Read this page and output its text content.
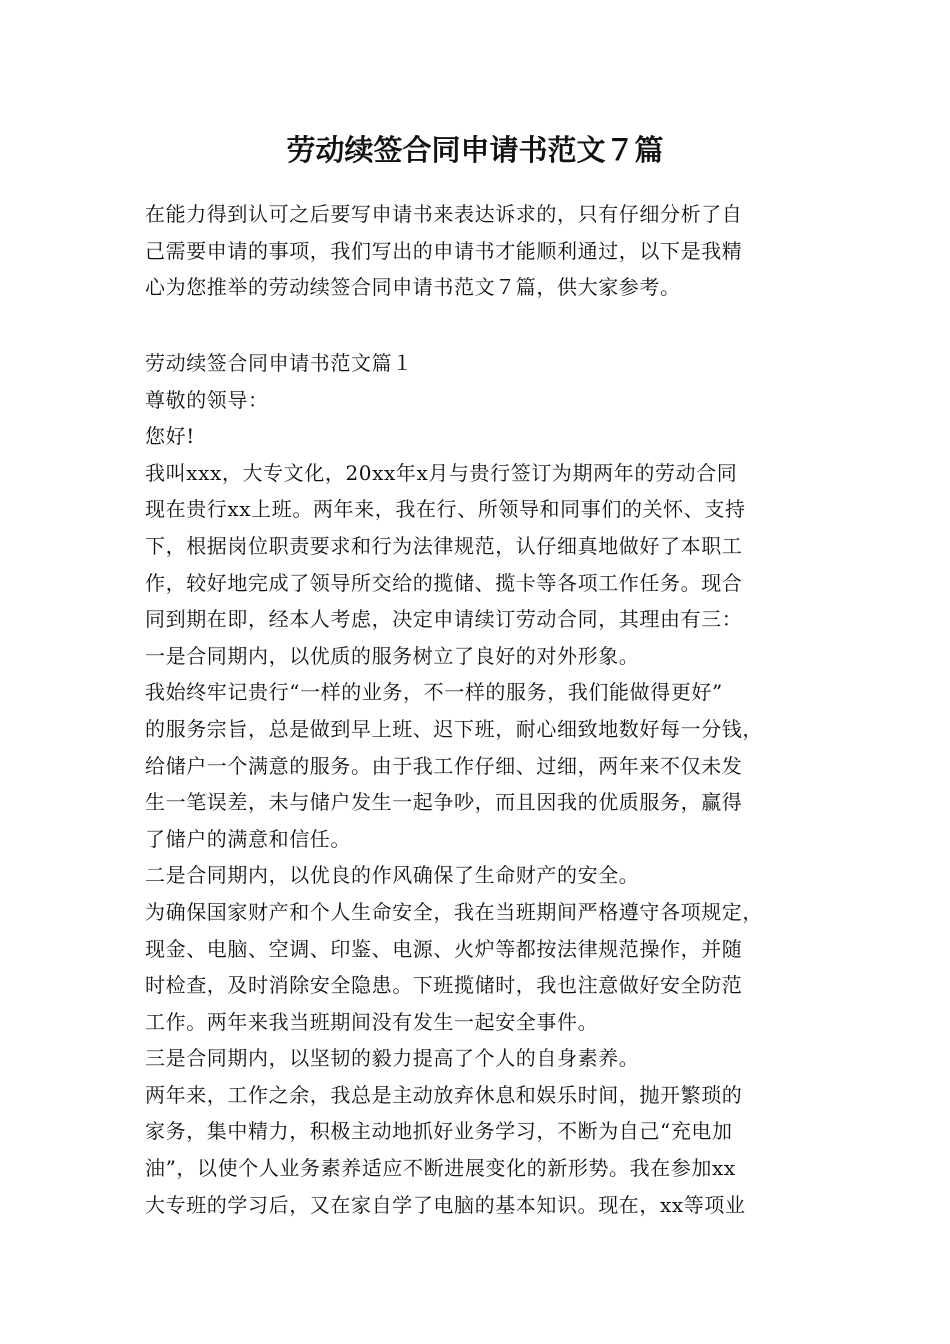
劳动续签合同申请书范文７篇
在能力得到认可之后要写申请书来表达诉求的，只有仔细分析了自
己需要申请的事项，我们写出的申请书才能顺利通过，以下是我精
心为您推举的劳动续签合同申请书范文７篇，供大家参考。
劳动续签合同申请书范文篇１
尊敬的领导：
您好!
我叫xxx，大专文化，20xx年x月与贵行签订为期两年的劳动合同
现在贵行xx上班。两年来，我在行、所领导和同事们的关怀、支持
下，根据岗位职责要求和行为法律规范，认仔细真地做好了本职工
作，较好地完成了领导所交给的揽储、揽卡等各项工作任务。现合
同到期在即，经本人考虑，决定申请续订劳动合同，其理由有三：
一是合同期内，以优质的服务树立了良好的对外形象。
我始终牢记贵行“一样的业务，不一样的服务，我们能做得更好”
的服务宗旨，总是做到早上班、迟下班，耐心细致地数好每一分钱，
给储户一个满意的服务。由于我工作仔细、过细，两年来不仅未发
生一笔误差，未与储户发生一起争吵，而且因我的优质服务，赢得
了储户的满意和信任。
二是合同期内，以优良的作风确保了生命财产的安全。
为确保国家财产和个人生命安全，我在当班期间严格遵守各项规定，
现金、电脑、空调、印鉴、电源、火炉等都按法律规范操作，并随
时检查，及时消除安全隐患。下班揽储时，我也注意做好安全防范
工作。两年来我当班期间没有发生一起安全事件。
三是合同期内，以坚韧的毅力提高了个人的自身素养。
两年来，工作之余，我总是主动放弃休息和娱乐时间，抛开繁琐的
家务，集中精力，积极主动地抓好业务学习，不断为自己“充电加
油”，以使个人业务素养适应不断进展变化的新形势。我在参加xx
大专班的学习后，又在家自学了电脑的基本知识。现在，xx等项业
